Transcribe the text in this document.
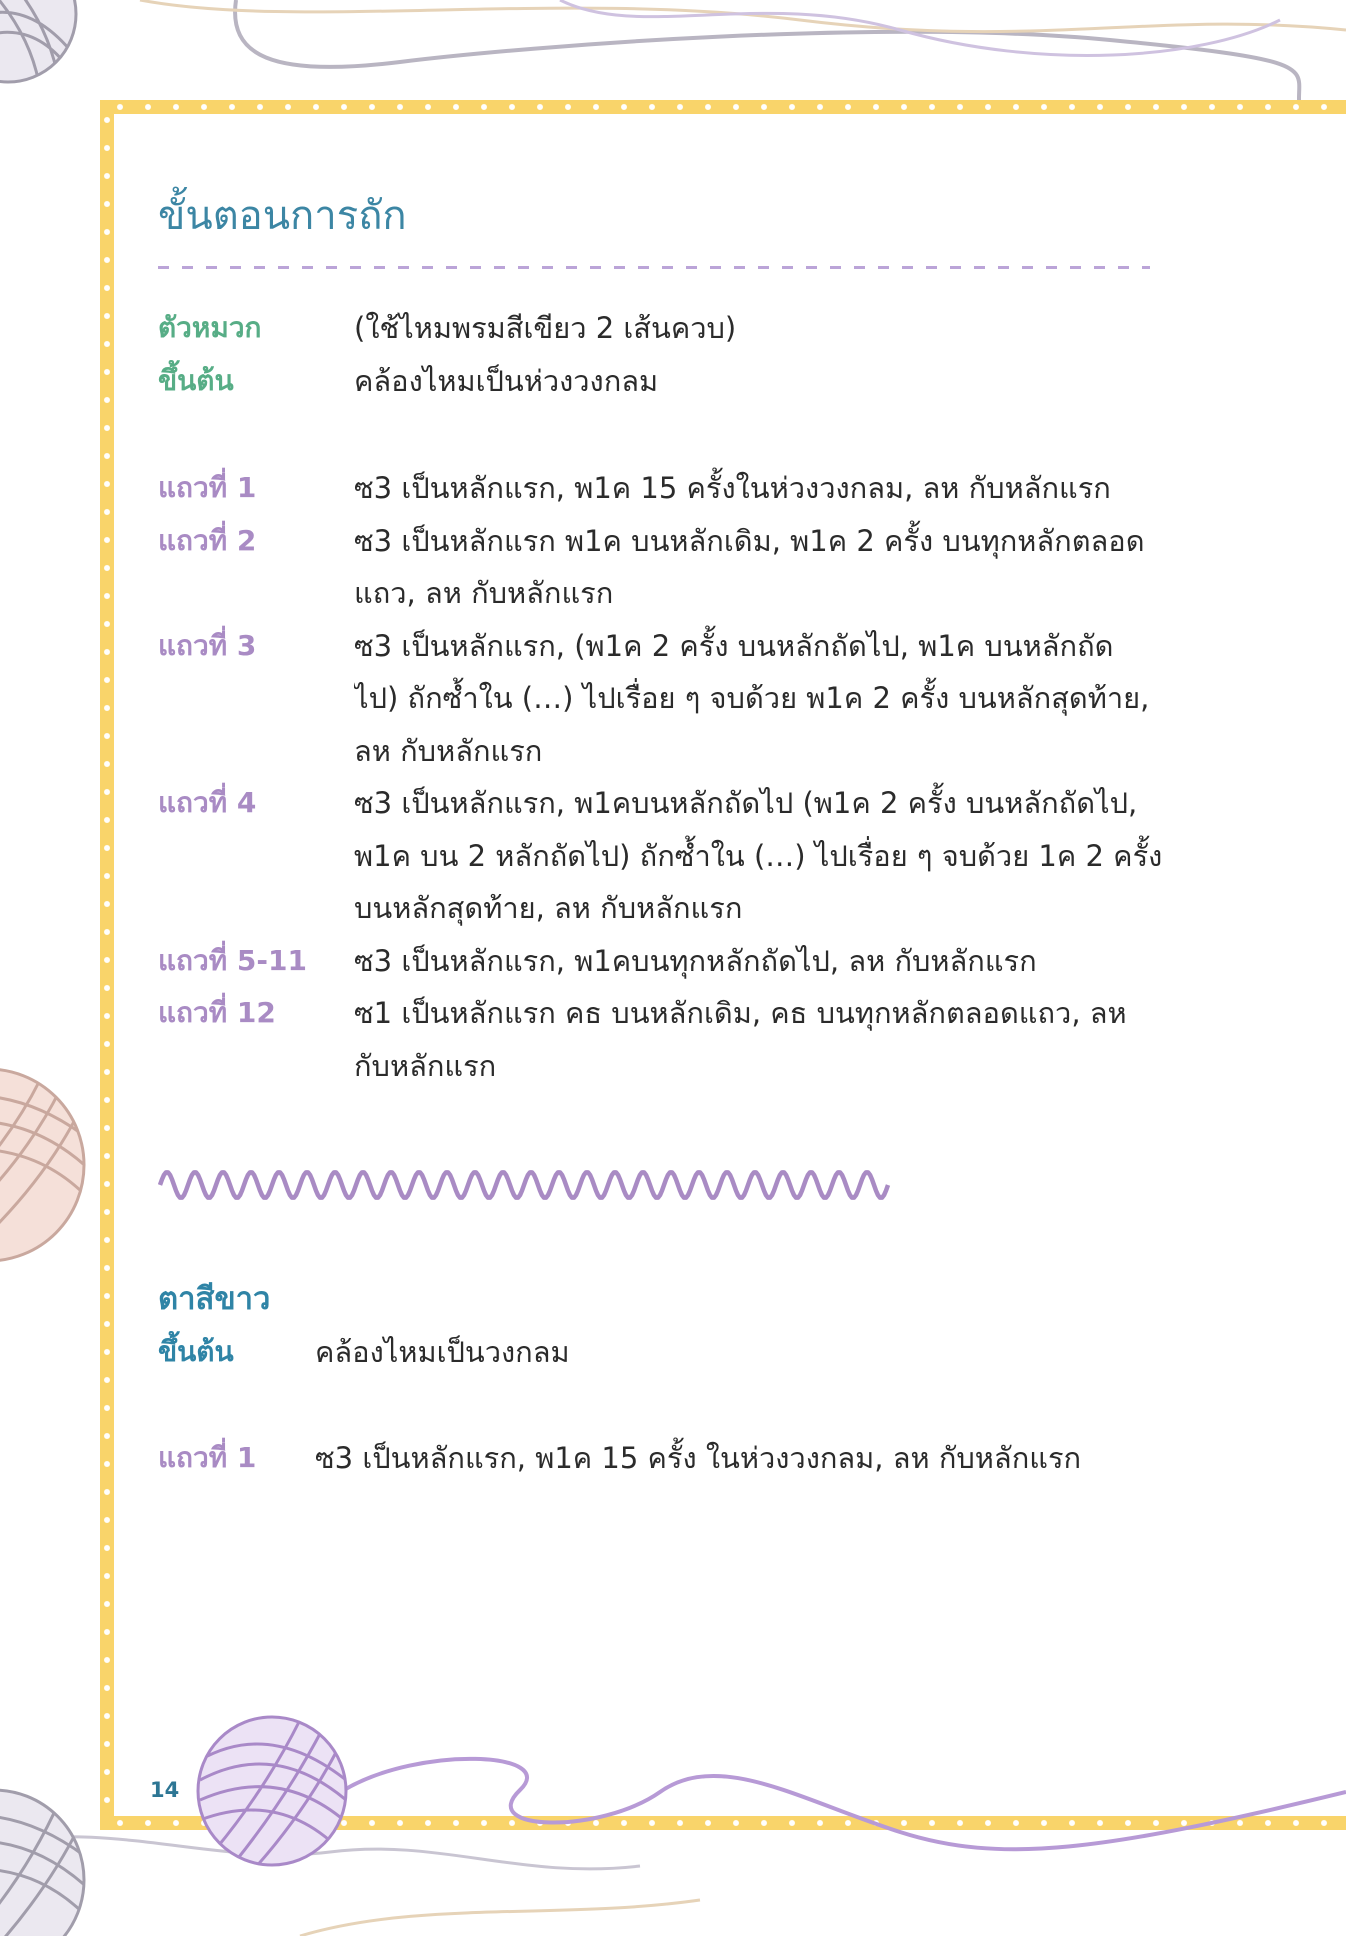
ขั้นตอนการถัก
ตัวหมวก	(ใช้ไหมพรมสีเขียว 2 เส้นควบ)
ขึ้นต้น	คล้องไหมเป็นห่วงวงกลม
แถวที่ 1	ซ3 เป็นหลักแรก, พ1ค 15 ครั้งในห่วงวงกลม, ลห กับหลักแรก
แถวที่ 2	ซ3 เป็นหลักแรก พ1ค บนหลักเดิม, พ1ค 2 ครั้ง บนทุกหลักตลอด
แถว, ลห กับหลักแรก
แถวที่ 3	ซ3 เป็นหลักแรก, (พ1ค 2 ครั้ง บนหลักถัดไป, พ1ค บนหลักถัด
ไป) ถักซ้ำใน (…) ไปเรื่อย ๆ จบด้วย พ1ค 2 ครั้ง บนหลักสุดท้าย,
ลห กับหลักแรก
แถวที่ 4	ซ3 เป็นหลักแรก, พ1คบนหลักถัดไป (พ1ค 2 ครั้ง บนหลักถัดไป,
พ1ค บน 2 หลักถัดไป) ถักซ้ำใน (…) ไปเรื่อย ๆ จบด้วย 1ค 2 ครั้ง
บนหลักสุดท้าย, ลห กับหลักแรก
แถวที่ 5-11	ซ3 เป็นหลักแรก, พ1คบนทุกหลักถัดไป, ลห กับหลักแรก
แถวที่ 12	ซ1 เป็นหลักแรก คธ บนหลักเดิม, คธ บนทุกหลักตลอดแถว, ลห
กับหลักแรก
ตาสีขาว
ขึ้นต้น	คล้องไหมเป็นวงกลม
แถวที่ 1	ซ3 เป็นหลักแรก, พ1ค 15 ครั้ง ในห่วงวงกลม, ลห กับหลักแรก
14
